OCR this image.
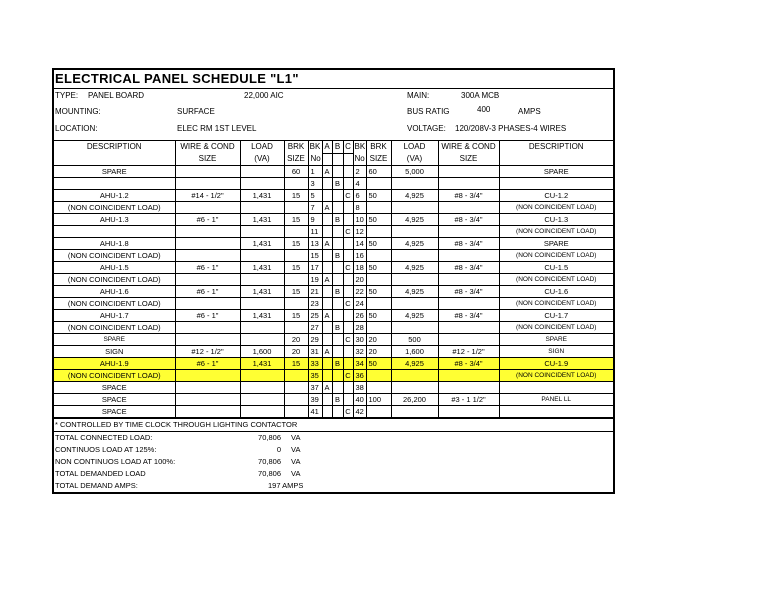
ELECTRICAL PANEL SCHEDULE "L1"
TYPE: PANEL BOARD	22,000 AIC	MAIN:	300A MCB
MOUNTING:	SURFACE	BUS RATIG	400	AMPS
LOCATION:	ELEC RM 1ST LEVEL	VOLTAGE: 120/208V-3 PHASES-4 WIRES
DESCRIPTION	WIRE & COND	LOAD	BRK	BK	A	B	C	BK	BRK	LOAD	WIRE & COND	DESCRIPTION
	SIZE	(VA)	SIZE	No				No	SIZE	(VA)	SIZE	
SPARE			60	1	A			2	60	5,000		SPARE
				3		B		4				
AHU-1.2	#14 - 1/2"	1,431	15	5			C	6	50	4,925	#8 - 3/4"	CU-1.2
(NON COINCIDENT LOAD)				7	A			8				(NON COINCIDENT LOAD)
AHU-1.3	#6 - 1"	1,431	15	9		B		10	50	4,925	#8 - 3/4"	CU-1.3
				11			C	12				(NON COINCIDENT LOAD)
AHU-1.8		1,431	15	13	A			14	50	4,925	#8 - 3/4"	SPARE
(NON COINCIDENT LOAD)				15		B		16				(NON COINCIDENT LOAD)
AHU-1.5	#6 - 1"	1,431	15	17			C	18	50	4,925	#8 - 3/4"	CU-1.5
(NON COINCIDENT LOAD)				19	A			20				(NON COINCIDENT LOAD)
AHU-1.6	#6 - 1"	1,431	15	21		B		22	50	4,925	#8 - 3/4"	CU-1.6
(NON COINCIDENT LOAD)				23			C	24				(NON COINCIDENT LOAD)
AHU-1.7	#6 - 1"	1,431	15	25	A			26	50	4,925	#8 - 3/4"	CU-1.7
(NON COINCIDENT LOAD)				27		B		28				(NON COINCIDENT LOAD)
SPARE			20	29			C	30	20	500		SPARE
SIGN	#12 - 1/2"	1,600	20	31	A			32	20	1,600	#12 - 1/2"	SIGN
AHU-1.9	#6 - 1"	1,431	15	33		B		34	50	4,925	#8 - 3/4"	CU-1.9
(NON COINCIDENT LOAD)				35			C	36				(NON COINCIDENT LOAD)
SPACE				37	A			38				
SPACE				39		B		40	100	26,200	#3 - 1 1/2"	PANEL LL
SPACE				41			C	42				
* CONTROLLED BY TIME CLOCK THROUGH LIGHTING CONTACTOR
TOTAL CONNECTED LOAD:	70,806 VA
CONTINUOS LOAD AT 125%:	0 VA
NON CONTINUOS LOAD AT 100%:	70,806 VA
TOTAL DEMANDED LOAD	70,806 VA
TOTAL DEMAND AMPS:	197 AMPS
